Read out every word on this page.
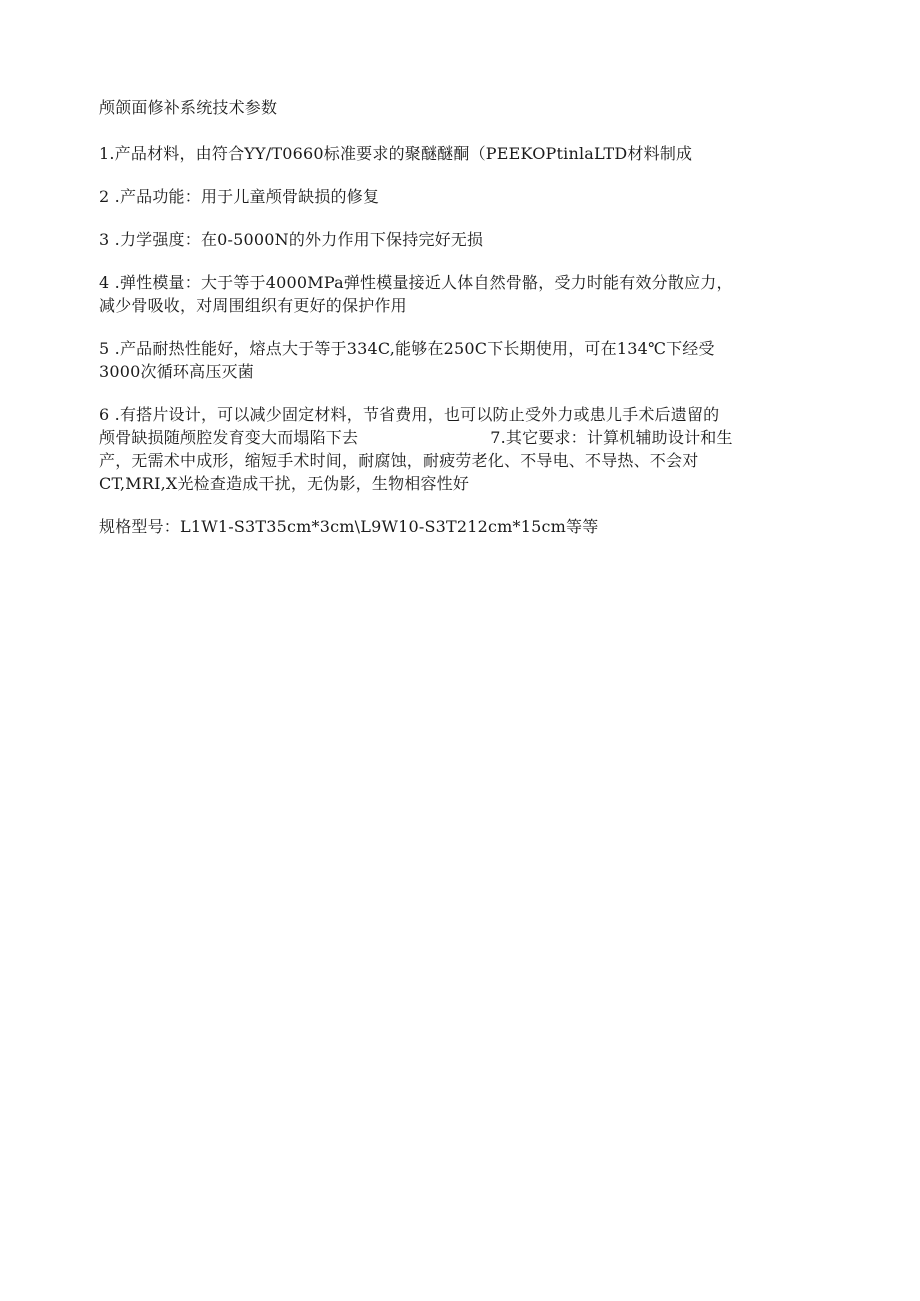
颅颌面修补系统技术参数

1.产品材料，由符合YY/T0660标准要求的聚醚醚酮（PEEKOPtinlaLTD材料制成

2 .产品功能：用于儿童颅骨缺损的修复

3 .力学强度：在0-5000N的外力作用下保持完好无损

4 .弹性模量：大于等于4000MPa弹性模量接近人体自然骨骼，受力时能有效分散应力，
减少骨吸收，对周围组织有更好的保护作用

5 .产品耐热性能好，熔点大于等于334C,能够在250C下长期使用，可在134℃下经受
3000次循环高压灭菌

6 .有搭片设计，可以减少固定材料，节省费用，也可以防止受外力或患儿手术后遗留的
颅骨缺损随颅腔发育变大而塌陷下去	7.其它要求：计算机辅助设计和生
产，无需术中成形，缩短手术时间，耐腐蚀，耐疲劳老化、不导电、不导热、不会对
CT,MRI,X光检查造成干扰，无伪影，生物相容性好

规格型号：L1W1-S3T35cm*3cm\L9W10-S3T212cm*15cm等等
